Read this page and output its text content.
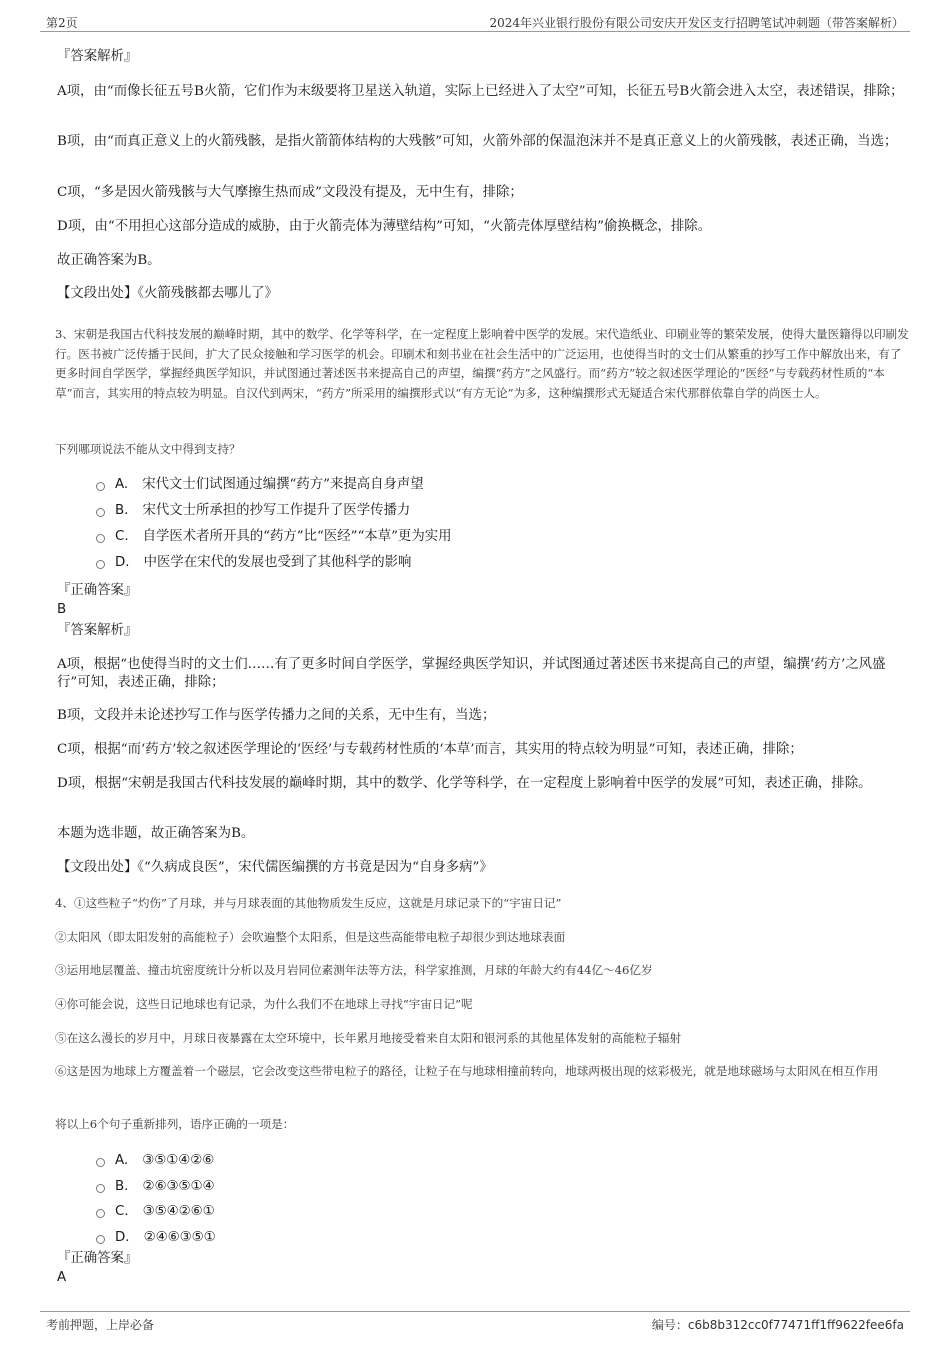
第2页	2024年兴业银行股份有限公司安庆开发区支行招聘笔试冲刺题（带答案解析）
『答案解析』
A项，由“而像长征五号B火箭，它们作为末级要将卫星送入轨道，实际上已经进入了太空”可知，长征五号B火箭会进入太空，表述错误，排除；
B项，由“而真正意义上的火箭残骸，是指火箭箭体结构的大残骸”可知，火箭外部的保温泡沫并不是真正意义上的火箭残骸，表述正确，当选；
C项，“多是因火箭残骸与大气摩擦生热而成”文段没有提及，无中生有，排除；
D项，由“不用担心这部分造成的威胁，由于火箭壳体为薄壁结构”可知，“火箭壳体厚壁结构”偷换概念，排除。
故正确答案为B。
【文段出处】《火箭残骸都去哪儿了》
3、宋朝是我国古代科技发展的巅峰时期，其中的数学、化学等科学，在一定程度上影响着中医学的发展。宋代造纸业、印刷业等的繁荣发展，使得大量医籍得以印刷发行。医书被广泛传播于民间，扩大了民众接触和学习医学的机会。印刷术和刻书业在社会生活中的广泛运用，也使得当时的文士们从繁重的抄写工作中解放出来，有了更多时间自学医学，掌握经典医学知识，并试图通过著述医书来提高自己的声望，编撰“药方”之风盛行。而“药方”较之叙述医学理论的“医经”与专载药材性质的“本草”而言，其实用的特点较为明显。自汉代到两宋，“药方”所采用的编撰形式以“有方无论”为多，这种编撰形式无疑适合宋代那群依靠自学的尚医士人。
下列哪项说法不能从文中得到支持？
A. 宋代文士们试图通过编撰“药方”来提高自身声望
B. 宋代文士所承担的抄写工作提升了医学传播力
C. 自学医术者所开具的“药方”比“医经”“本草”更为实用
D. 中医学在宋代的发展也受到了其他科学的影响
『正确答案』
B
『答案解析』
A项，根据“也使得当时的文士们……有了更多时间自学医学，掌握经典医学知识，并试图通过著述医书来提高自己的声望，编撰‘药方’之风盛行”可知，表述正确，排除；
B项，文段并未论述抄写工作与医学传播力之间的关系，无中生有，当选；
C项，根据“而‘药方’较之叙述医学理论的‘医经’与专载药材性质的‘本草’而言，其实用的特点较为明显”可知，表述正确，排除；
D项，根据“宋朝是我国古代科技发展的巅峰时期，其中的数学、化学等科学，在一定程度上影响着中医学的发展”可知，表述正确，排除。
本题为选非题，故正确答案为B。
【文段出处】《“久病成良医”，宋代儒医编撰的方书竟是因为“自身多病”》
4、①这些粒子“灼伤”了月球，并与月球表面的其他物质发生反应，这就是月球记录下的“宇宙日记”
②太阳风（即太阳发射的高能粒子）会吹遍整个太阳系，但是这些高能带电粒子却很少到达地球表面
③运用地层覆盖、撞击坑密度统计分析以及月岩同位素测年法等方法，科学家推测，月球的年龄大约有44亿～46亿岁
④你可能会说，这些日记地球也有记录，为什么我们不在地球上寻找“宇宙日记”呢
⑤在这么漫长的岁月中，月球日夜暴露在太空环境中，长年累月地接受着来自太阳和银河系的其他星体发射的高能粒子辐射
⑥这是因为地球上方覆盖着一个磁层，它会改变这些带电粒子的路径，让粒子在与地球相撞前转向，地球两极出现的炫彩极光，就是地球磁场与太阳风在相互作用
将以上6个句子重新排列，语序正确的一项是：
A. ③⑤①④②⑥
B. ②⑥③⑤①④
C. ③⑤④②⑥①
D. ②④⑥③⑤①
『正确答案』
A
考前押题，上岸必备	编号：c6b8b312cc0f77471ff1ff9622fee6fa
